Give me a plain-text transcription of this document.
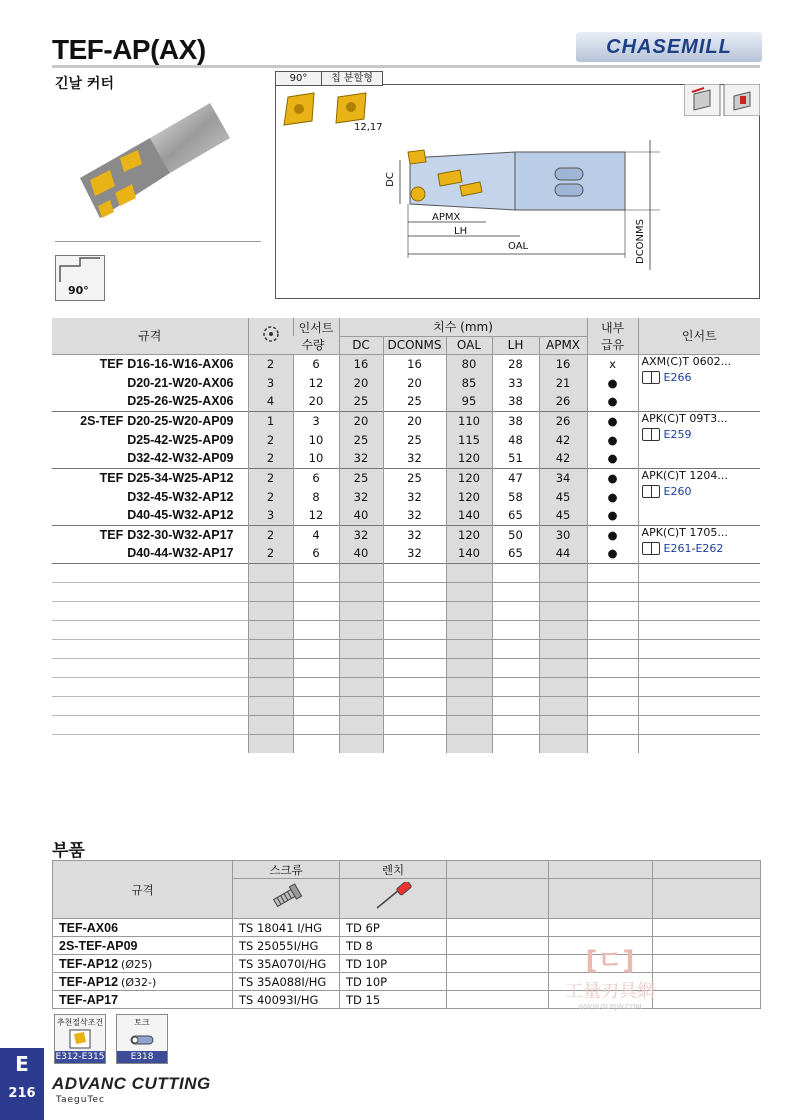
TEF-AP(AX)
긴날 커터
CHASEMILL
90°
90°	칩 분할형
12,17
DC
APMX
LH
OAL	DCONMS
규격		인서트	치수 (mm)					내부	인서트
		수량	DC	DCONMS	OAL	LH	APMX	급유	
TEF D16-16-W16-AX06	2	6	16	16	80	28	16	x	AXM(C)T 0602...
E266

D20-21-W20-AX06	3	12	20	20	85	33	21	●	
D25-26-W25-AX06	4	20	25	25	95	38	26	●	
2S-TEF D20-25-W20-AP09	1	3	20	20	110	38	26	●	APK(C)T 09T3...
E259

D25-42-W25-AP09	2	10	25	25	115	48	42	●	
D32-42-W32-AP09	2	10	32	32	120	51	42	●	
TEF D25-34-W25-AP12	2	6	25	25	120	47	34	●	APK(C)T 1204...
E260

D32-45-W32-AP12	2	8	32	32	120	58	45	●	
D40-45-W32-AP12	3	12	40	32	140	65	45	●	
TEF D32-30-W32-AP17	2	4	32	32	120	50	30	●	APK(C)T 1705...
E261 - E262

D40-44-W32-AP17	2	6	40	32	140	65	44	●	

부품
규격	스크류	렌치			

TEF-AX06	TS 18041 I/HG	TD 6P			
2S-TEF-AP09	TS 25055I/HG	TD 8			
TEF-AP12 (Ø25)	TS 35A070I/HG	TD 10P			
TEF-AP12 (Ø32-)	TS 35A088I/HG	TD 10P			
TEF-AP17	TS 40093I/HG	TD 15			
[ㄷ]
工量刃具網
WWW.GLRJW.COM
추천절삭조건
E312-E315
토크
E318
E
216
ADVANC CUTTING
TaeguTec
